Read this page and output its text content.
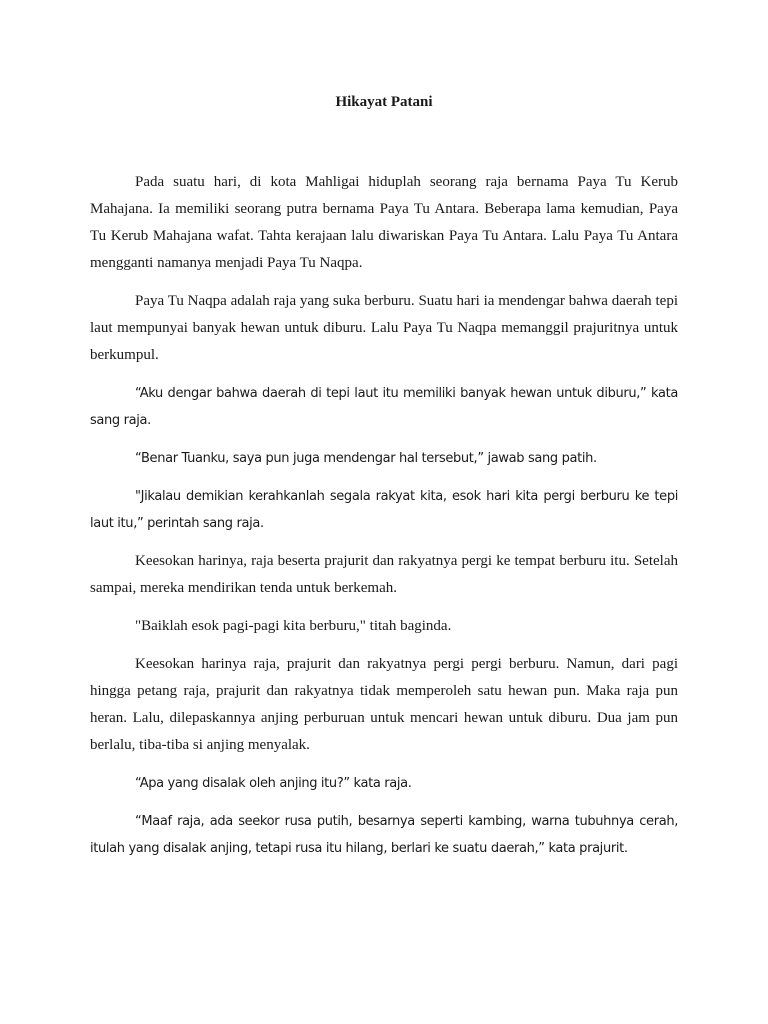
Hikayat Patani

Pada suatu hari, di kota Mahligai hiduplah seorang raja bernama Paya Tu Kerub Mahajana. Ia memiliki seorang putra bernama Paya Tu Antara. Beberapa lama kemudian, Paya Tu Kerub Mahajana wafat. Tahta kerajaan lalu diwariskan Paya Tu Antara. Lalu Paya Tu Antara mengganti namanya menjadi Paya Tu Naqpa.

Paya Tu Naqpa adalah raja yang suka berburu. Suatu hari ia mendengar bahwa daerah tepi laut mempunyai banyak hewan untuk diburu. Lalu Paya Tu Naqpa memanggil prajuritnya untuk berkumpul.

“Aku dengar bahwa daerah di tepi laut itu memiliki banyak hewan untuk diburu,” kata sang raja.

“Benar Tuanku, saya pun juga mendengar hal tersebut,” jawab sang patih.

"Jikalau demikian kerahkanlah segala rakyat kita, esok hari kita pergi berburu ke tepi laut itu,” perintah sang raja.

Keesokan harinya, raja beserta prajurit dan rakyatnya pergi ke tempat berburu itu. Setelah sampai, mereka mendirikan tenda untuk berkemah.

"Baiklah esok pagi-pagi kita berburu," titah baginda.

Keesokan harinya raja, prajurit dan rakyatnya pergi pergi berburu. Namun, dari pagi hingga petang raja, prajurit dan rakyatnya tidak memperoleh satu hewan pun. Maka raja pun heran. Lalu, dilepaskannya anjing perburuan untuk mencari hewan untuk diburu. Dua jam pun berlalu, tiba-tiba si anjing menyalak.

“Apa yang disalak oleh anjing itu?” kata raja.

“Maaf raja, ada seekor rusa putih, besarnya seperti kambing, warna tubuhnya cerah, itulah yang disalak anjing, tetapi rusa itu hilang, berlari ke suatu daerah,” kata prajurit.
